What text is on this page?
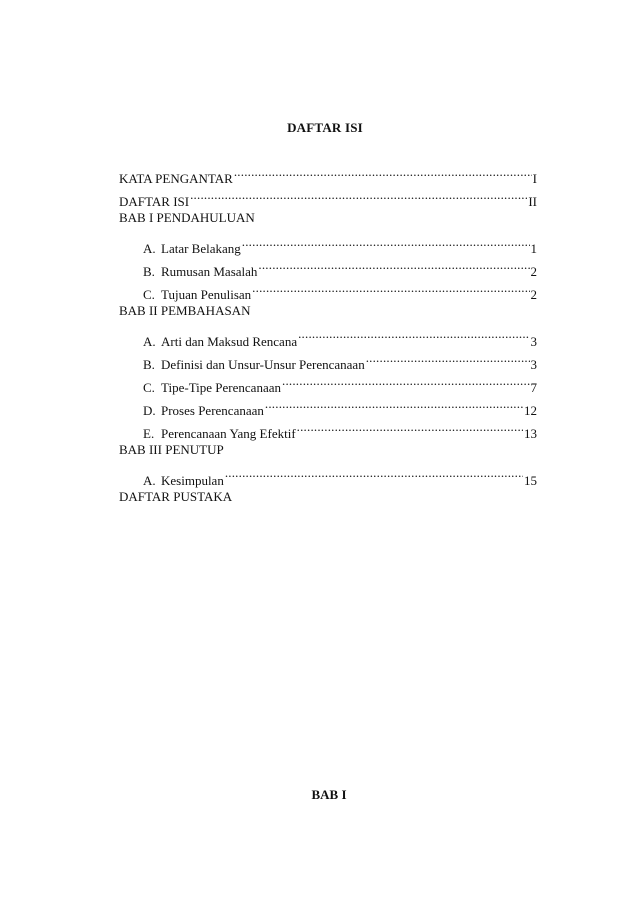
DAFTAR ISI
KATA PENGANTAR .....	I
DAFTAR ISI .....	II
BAB I PENDAHULUAN
A. Latar Belakang .....	1
B. Rumusan Masalah .....	2
C. Tujuan Penulisan .....	2
BAB II PEMBAHASAN
A. Arti dan Maksud Rencana .....	3
B. Definisi dan Unsur-Unsur Perencanaan .....	3
C. Tipe-Tipe Perencanaan .....	7
D. Proses Perencanaan .....	12
E. Perencanaan Yang Efektif .....	13
BAB III PENUTUP
A. Kesimpulan .....	15
DAFTAR PUSTAKA
BAB I
